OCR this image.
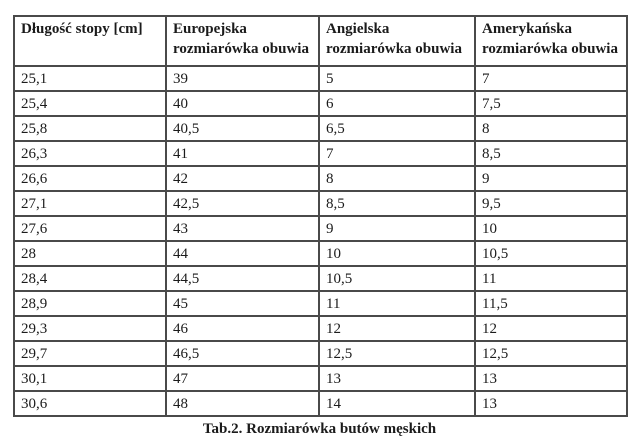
Długość stopy [cm]	Europejska rozmiarówka obuwia	Angielska rozmiarówka obuwia	Amerykańska rozmiarówka obuwia
25,1	39	5	7
25,4	40	6	7,5
25,8	40,5	6,5	8
26,3	41	7	8,5
26,6	42	8	9
27,1	42,5	8,5	9,5
27,6	43	9	10
28	44	10	10,5
28,4	44,5	10,5	11
28,9	45	11	11,5
29,3	46	12	12
29,7	46,5	12,5	12,5
30,1	47	13	13
30,6	48	14	13
Tab.2. Rozmiarówka butów męskich
